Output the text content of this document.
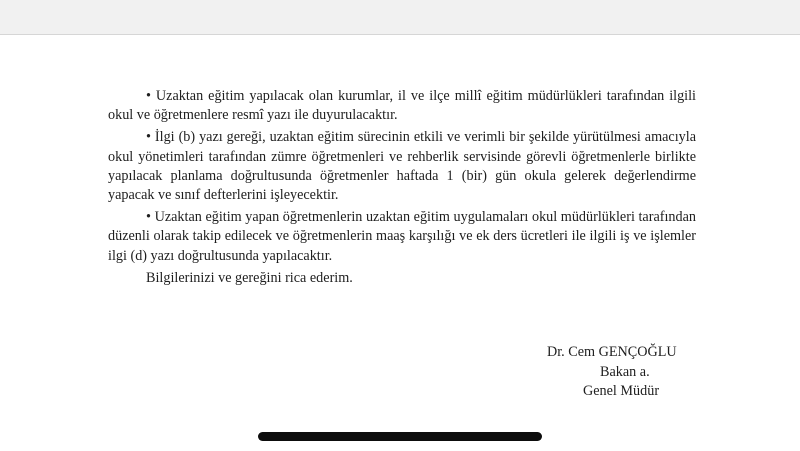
• Uzaktan eğitim yapılacak olan kurumlar, il ve ilçe millî eğitim müdürlükleri tarafından ilgili okul ve öğretmenlere resmî yazı ile duyurulacaktır.

• İlgi (b) yazı gereği, uzaktan eğitim sürecinin etkili ve verimli bir şekilde yürütülmesi amacıyla okul yönetimleri tarafından zümre öğretmenleri ve rehberlik servisinde görevli öğretmenlerle birlikte yapılacak planlama doğrultusunda öğretmenler haftada 1 (bir) gün okula gelerek değerlendirme yapacak ve sınıf defterlerini işleyecektir.

• Uzaktan eğitim yapan öğretmenlerin uzaktan eğitim uygulamaları okul müdürlükleri tarafından düzenli olarak takip edilecek ve öğretmenlerin maaş karşılığı ve ek ders ücretleri ile ilgili iş ve işlemler ilgi (d) yazı doğrultusunda yapılacaktır.

Bilgilerinizi ve gereğini rica ederim.

Dr. Cem GENÇOĞLU
Bakan a.
Genel Müdür
